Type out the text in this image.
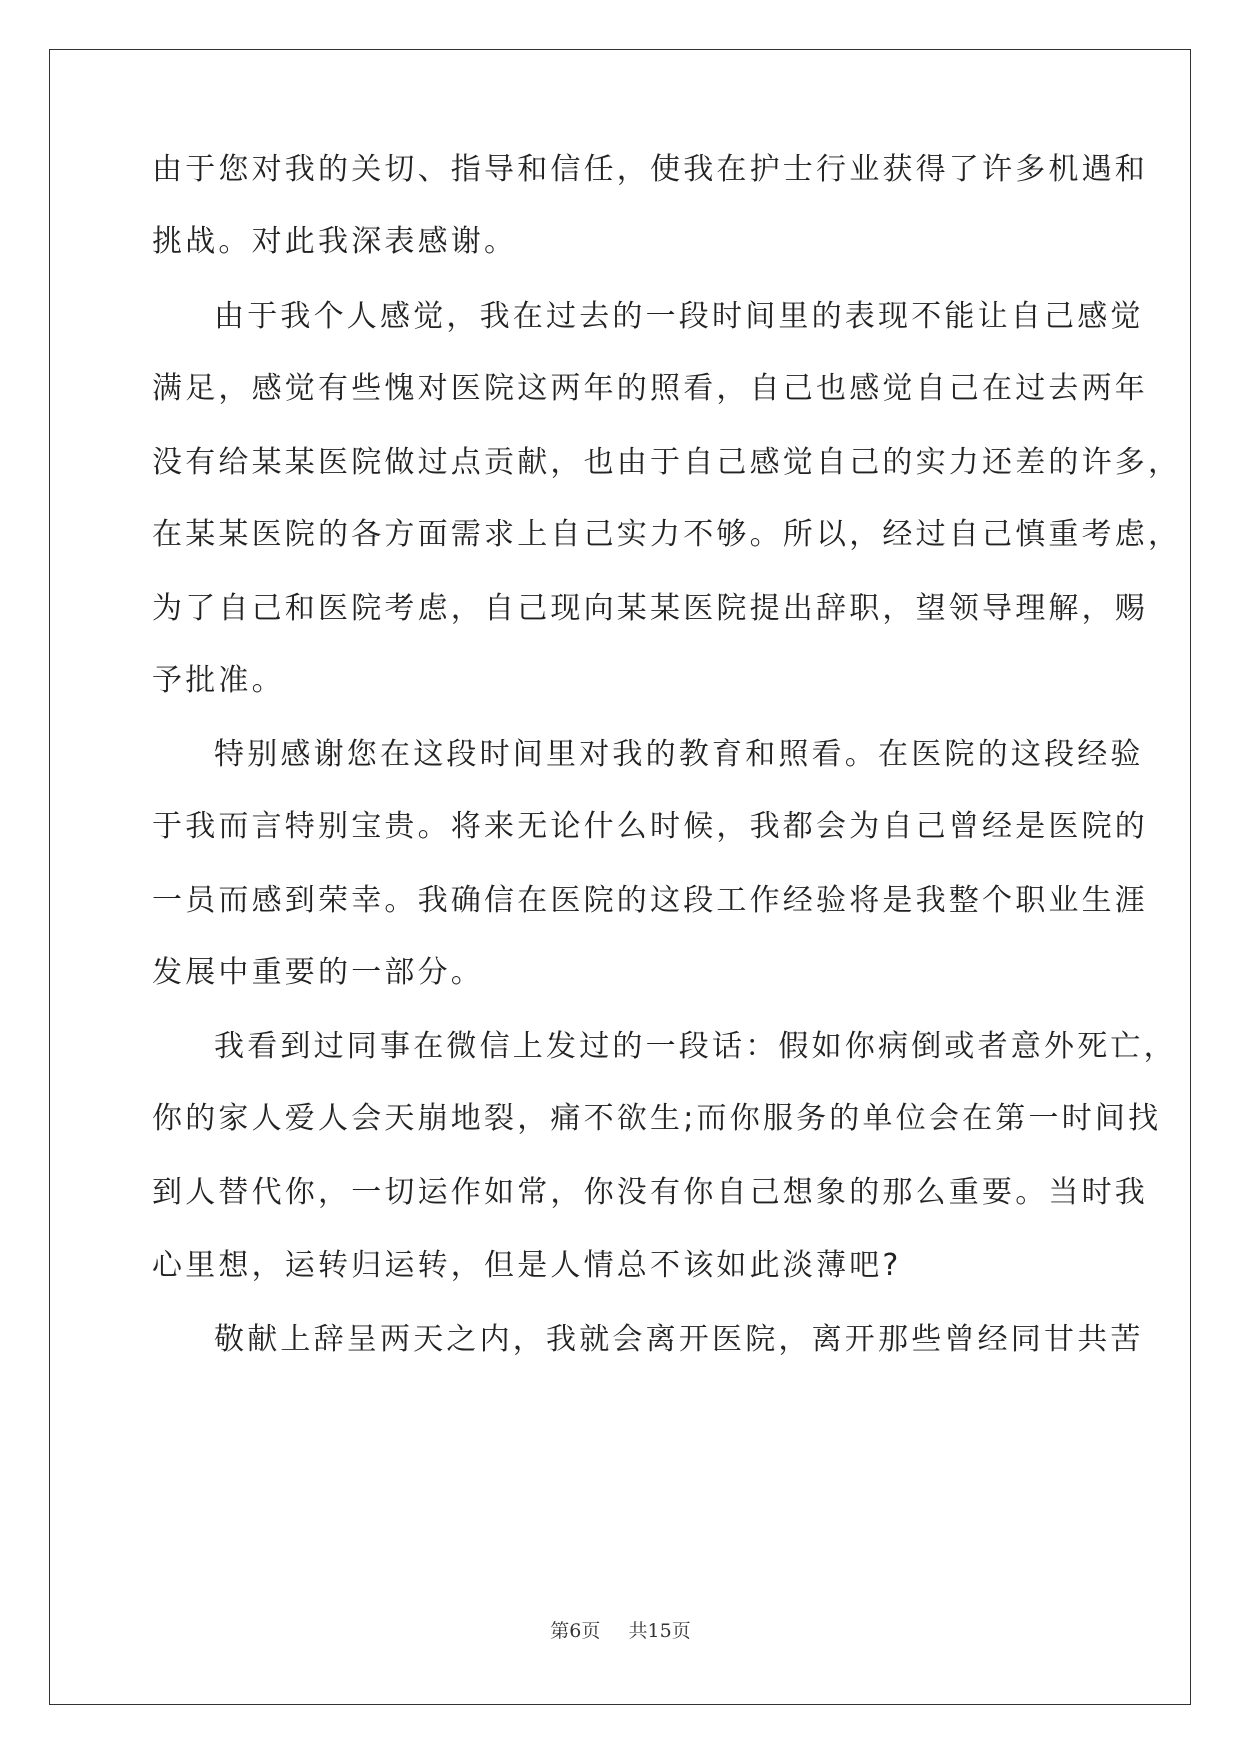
由于您对我的关切、指导和信任，使我在护士行业获得了许多机遇和
挑战。对此我深表感谢。
由于我个人感觉，我在过去的一段时间里的表现不能让自己感觉
满足，感觉有些愧对医院这两年的照看，自己也感觉自己在过去两年
没有给某某医院做过点贡献，也由于自己感觉自己的实力还差的许多，
在某某医院的各方面需求上自己实力不够。所以，经过自己慎重考虑，
为了自己和医院考虑，自己现向某某医院提出辞职，望领导理解，赐
予批准。
特别感谢您在这段时间里对我的教育和照看。在医院的这段经验
于我而言特别宝贵。将来无论什么时候，我都会为自己曾经是医院的
一员而感到荣幸。我确信在医院的这段工作经验将是我整个职业生涯
发展中重要的一部分。
我看到过同事在微信上发过的一段话：假如你病倒或者意外死亡，
你的家人爱人会天崩地裂，痛不欲生;而你服务的单位会在第一时间找
到人替代你，一切运作如常，你没有你自己想象的那么重要。当时我
心里想，运转归运转，但是人情总不该如此淡薄吧?
敬献上辞呈两天之内，我就会离开医院，离开那些曾经同甘共苦
第6页 共15页
